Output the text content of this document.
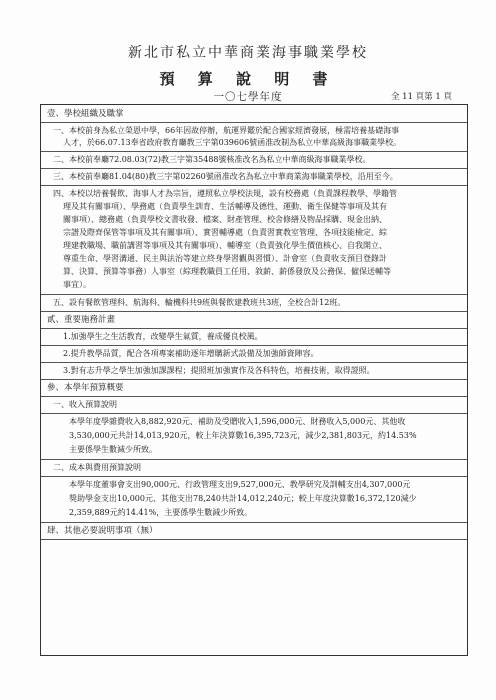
新北市私立中華商業海事職業學校
預 算 說 明 書
一〇七學年度	全 11 頁第 1 頁
壹、學校組織及職掌
一、本校前身為私立榮恩中學，66年因故停辦，航運界鑑於配合國家經濟發展，極需培養基礎海事
人才，於66.07.13奉省政府教育廳教三字第039606號函准改制為私立中華高級海事職業學校。
二、本校前奉廳72.08.03(72)教三字第35488號核准改名為私立中華商級海事職業學校。
三、本校前奉廳81.04(80)教三字第02260號函准改名為私立中華商業海事職業學校，沿用至今。
四、本校以培養餐飲、海事人才為宗旨，遵照私立學校法規，設有校務處（負責課程教學、學籍管
理及其有關事項）、學務處（負責學生訓育、生活輔導及德性、運動、衛生保健等事項及其有
關事項）、總務處（負責學校文書收發、檔案、財產管理、校舍修繕及物品採購、現金出納、
宗譜及際齊保管等事項及其有關事項）、實習輔導處（負責習實教室管理、各項技能檢定、綜
理建教職場、職前講習等事項及其有關事項）、輔導室（負責強化學生價值核心、自我開立、
尊重生命、學習溝通、民主與法治等建立終身學習觀與習慣）、計會室（負責收支預目登錄計
算、決算、預算等事務）人事室（綜理教職員工任用、敘薪、薪係發放及公務保、僱保送輔等
事宜）。
五、設有餐飲管理科、航海科、輪機科共9班與餐飲建教班共3班，全校合計12班。
貳、重要施務計畫
1.加強學生之生活教育，改變學生氣質，養成優良校風。
2.提升教學品質，配合各項專案補助逐年增購新式設備及加強師資陣容。
3.對有志升學之學生加強加課課程；提照班加強實作及各科特色，培養技術，取得證照。
參、本學年預算概要
一、收入預算說明
本學年度學雜費收入8,882,920元、補助及受贈收入1,596,000元、財務收入5,000元、其他收
3,530,000元共計14,013,920元，較上年決算數16,395,723元，減少2,381,803元，約14.53%
主要係學生數減少所致。
二、成本與費用預算說明
本學年度董事會支出90,000元、行政管理支出9,527,000元、教學研究及訓輔支出4,307,000元
獎助學金支出10,000元、其他支出78,240共計14,012,240元；較上年度決算數16,372,120減少
2,359,889元約14.41%，主要係學生數減少所致。
肆、其他必要說明事項（無）
